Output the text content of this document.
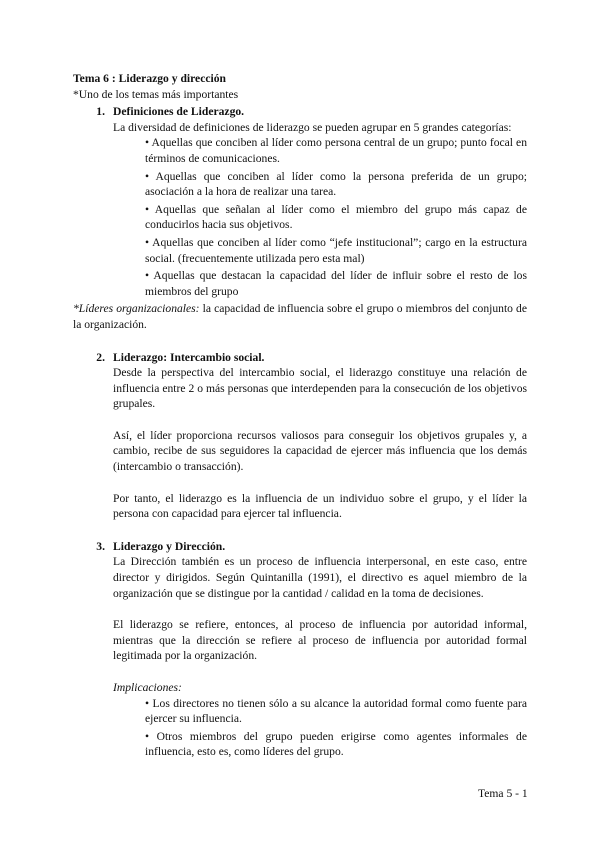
Tema 6 : Liderazgo y dirección
*Uno de los temas más importantes
1. Definiciones de Liderazgo.
La diversidad de definiciones de liderazgo se pueden agrupar en 5 grandes categorías:
• Aquellas que conciben al líder como persona central de un grupo; punto focal en términos de comunicaciones.
• Aquellas que conciben al líder como la persona preferida de un grupo; asociación a la hora de realizar una tarea.
• Aquellas que señalan al líder como el miembro del grupo más capaz de conducirlos hacia sus objetivos.
• Aquellas que conciben al líder como “jefe institucional”; cargo en la estructura social. (frecuentemente utilizada pero esta mal)
• Aquellas que destacan la capacidad del líder de influir sobre el resto de los miembros del grupo
*Líderes organizacionales: la capacidad de influencia sobre el grupo o miembros del conjunto de la organización.
2. Liderazgo: Intercambio social.
Desde la perspectiva del intercambio social, el liderazgo constituye una relación de influencia entre 2 o más personas que interdependen para la consecución de los objetivos grupales.
Así, el líder proporciona recursos valiosos para conseguir los objetivos grupales y, a cambio, recibe de sus seguidores la capacidad de ejercer más influencia que los demás (intercambio o transacción).
Por tanto, el liderazgo es la influencia de un individuo sobre el grupo, y el líder la persona con capacidad para ejercer tal influencia.
3. Liderazgo y Dirección.
La Dirección también es un proceso de influencia interpersonal, en este caso, entre director y dirigidos. Según Quintanilla (1991), el directivo es aquel miembro de la organización que se distingue por la cantidad / calidad en la toma de decisiones.
El liderazgo se refiere, entonces, al proceso de influencia por autoridad informal, mientras que la dirección se refiere al proceso de influencia por autoridad formal legitimada por la organización.
Implicaciones:
• Los directores no tienen sólo a su alcance la autoridad formal como fuente para ejercer su influencia.
• Otros miembros del grupo pueden erigirse como agentes informales de influencia, esto es, como líderes del grupo.
Tema 5 - 1
